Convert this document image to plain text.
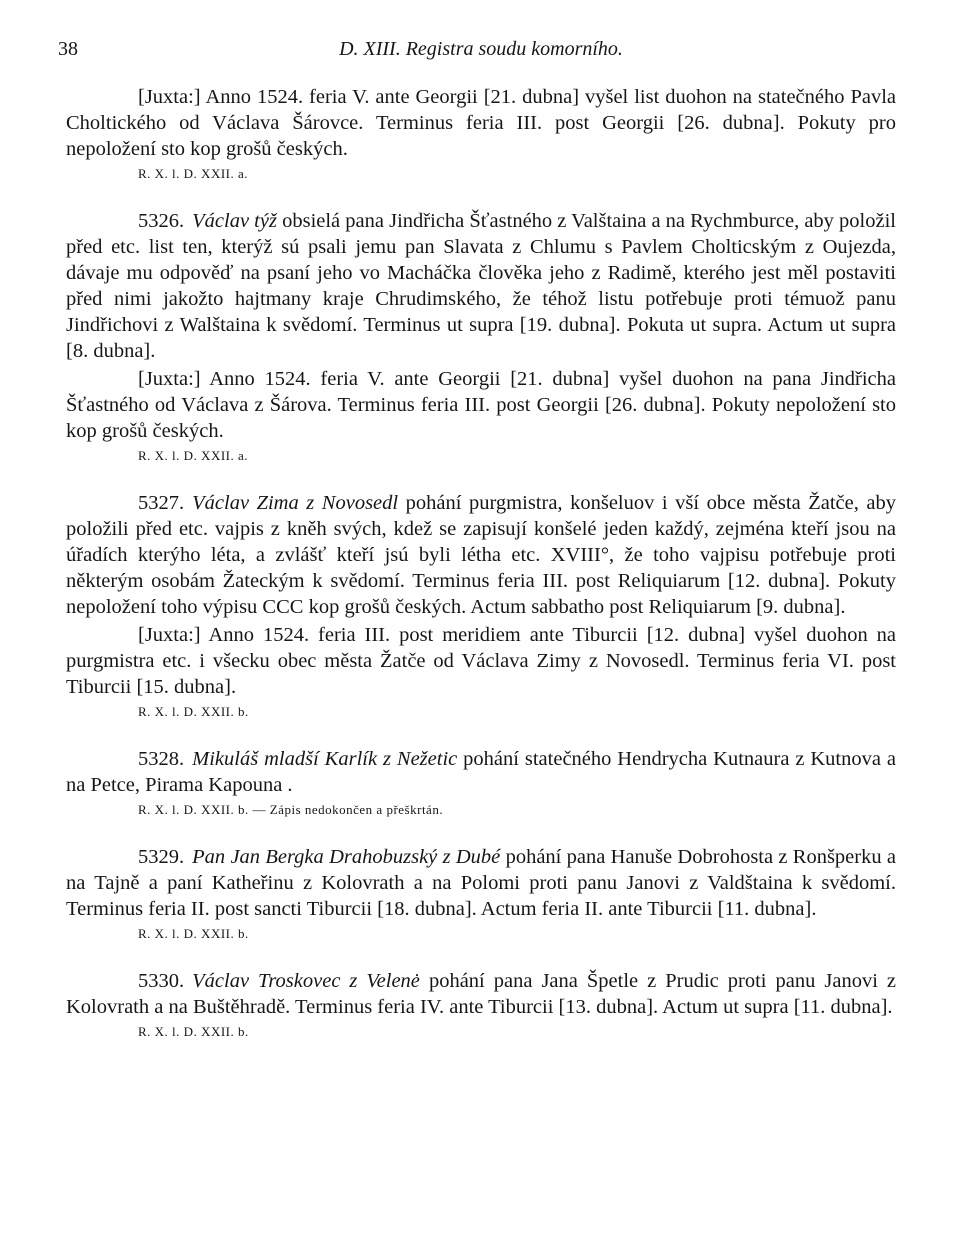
38	D. XIII. Registra soudu komorního.

[Juxta:] Anno 1524. feria V. ante Georgii [21. dubna] vyšel list duohon na statečného Pavla Choltického od Václava Šárovce. Terminus feria III. post Georgii [26. dubna]. Pokuty pro nepoložení sto kop grošů českých.

R. X. l. D. XXII. a.

5326. Václav týž obsielá pana Jindřicha Šťastného z Valštaina a na Rychmburce, aby položil před etc. list ten, kterýž sú psali jemu pan Slavata z Chlumu s Pavlem Cholticským z Oujezda, dávaje mu odpověď na psaní jeho vo Macháčka člověka jeho z Radimě, kterého jest měl postaviti před nimi jakožto hajtmany kraje Chrudimského, že téhož listu potřebuje proti témuož panu Jindřichovi z Walštaina k svědomí. Terminus ut supra [19. dubna]. Pokuta ut supra. Actum ut supra [8. dubna].

[Juxta:] Anno 1524. feria V. ante Georgii [21. dubna] vyšel duohon na pana Jindřicha Šťastného od Václava z Šárova. Terminus feria III. post Georgii [26. dubna]. Pokuty nepoložení sto kop grošů českých.

R. X. l. D. XXII. a.

5327. Václav Zima z Novosedl pohání purgmistra, konšeluov i vší obce města Žatče, aby položili před etc. vajpis z kněh svých, kdež se zapisují konšelé jeden každý, zejména kteří jsou na úřadích kterýho léta, a zvlášť kteří jsú byli létha etc. XVIII°, že toho vajpisu potřebuje proti některým osobám Žateckým k svědomí. Terminus feria III. post Reliquiarum [12. dubna]. Pokuty nepoložení toho výpisu CCC kop grošů českých. Actum sabbatho post Reliquiarum [9. dubna].

[Juxta:] Anno 1524. feria III. post meridiem ante Tiburcii [12. dubna] vyšel duohon na purgmistra etc. i všecku obec města Žatče od Václava Zimy z Novosedl. Terminus feria VI. post Tiburcii [15. dubna].

R. X. l. D. XXII. b.

5328. Mikuláš mladší Karlík z Nežetic pohání statečného Hendrycha Kutnaura z Kutnova a na Petce, Pirama Kapouna .

R. X. l. D. XXII. b. — Zápis nedokončen a přeškrtán.

5329. Pan Jan Bergka Drahobuzský z Dubé pohání pana Hanuše Dobrohosta z Ronšperku a na Tajně a paní Katheřinu z Kolovrath a na Polomi proti panu Janovi z Valdštaina k svědomí. Terminus feria II. post sancti Tiburcii [18. dubna]. Actum feria II. ante Tiburcii [11. dubna].

R. X. l. D. XXII. b.

5330. Václav Troskovec z Velenė pohání pana Jana Špetle z Prudic proti panu Janovi z Kolovrath a na Buštěhradě. Terminus feria IV. ante Tiburcii [13. dubna]. Actum ut supra [11. dubna].

R. X. l. D. XXII. b.
